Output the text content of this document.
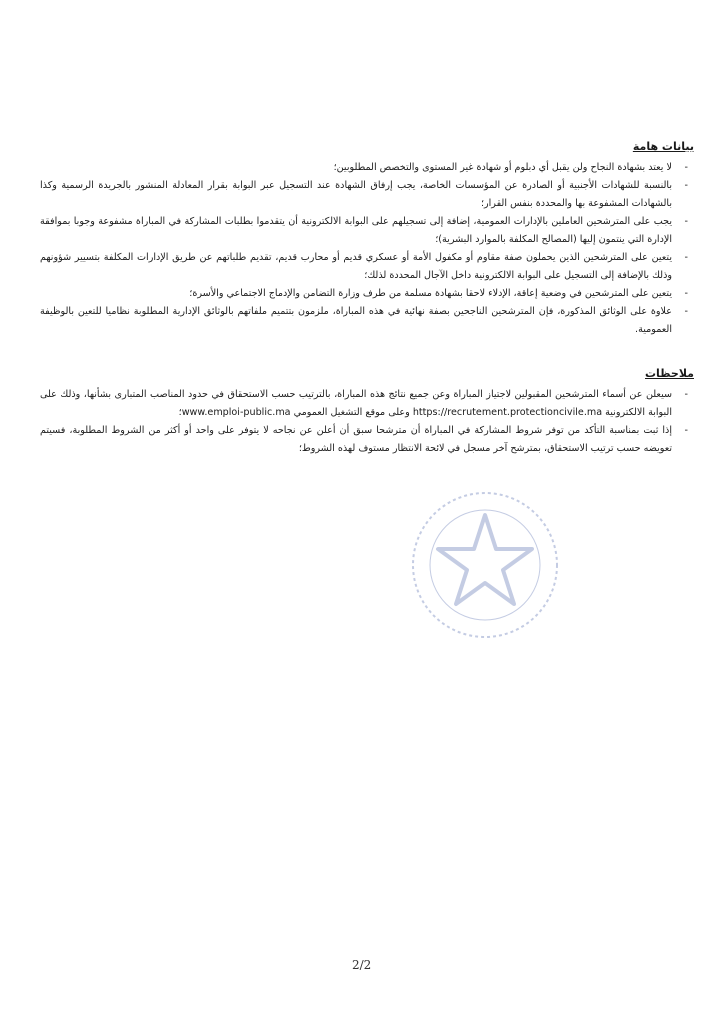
بيانات هامة
- لا يعتد بشهادة النجاح ولن يقبل أي دبلوم أو شهادة غير المستوى والتخصص المطلوبين؛
- بالنسبة للشهادات الأجنبية أو الصادرة عن المؤسسات الخاصة، يجب إرفاق الشهادة عند التسجيل عبر البوابة بقرار المعادلة المنشور بالجريدة الرسمية وكذا بالشهادات المشفوعة بها والمحددة بنفس القرار؛
- يجب على المترشحين العاملين بالإدارات العمومية، إضافة إلى تسجيلهم على البوابة الالكترونية أن يتقدموا بطلبات المشاركة في المباراة مشفوعة وجوبا بموافقة الإدارة التي ينتمون إليها (المصالح المكلفة بالموارد البشرية)؛
- يتعين على المترشحين الذين يحملون صفة مقاوم أو مكفول الأمة أو عسكري قديم أو محارب قديم، تقديم طلباتهم عن طريق الإدارات المكلفة بتسيير شؤونهم وذلك بالإضافة إلى التسجيل على البوابة الالكترونية داخل الآجال المحددة لذلك؛
- يتعين على المترشحين في وضعية إعاقة، الإدلاء لاحقا بشهادة مسلمة من طرف وزارة التضامن والإدماج الاجتماعي والأسرة؛
- علاوة على الوثائق المذكورة، فإن المترشحين الناجحين بصفة نهائية في هذه المباراة، ملزمون بتتميم ملفاتهم بالوثائق الإدارية المطلوبة نظاميا للتعين بالوظيفة العمومية.
ملاحظات
- سيعلن عن أسماء المترشحين المقبولين لاجتياز المباراة وعن جميع نتائج هذه المباراة، بالترتيب حسب الاستحقاق في حدود المناصب المتبارى بشأنها، وذلك على البوابة الالكترونية https://recrutement.protectioncivile.ma وعلى موقع التشغيل العمومي www.emploi-public.ma؛
- إذا ثبت بمناسبة التأكد من توفر شروط المشاركة في المباراة أن مترشحا سبق أن أعلن عن نجاحه لا يتوفر على واحد أو أكثر من الشروط المطلوبة، فسيتم تعويضه حسب ترتيب الاستحقاق، بمترشح آخر مسجل في لائحة الانتظار مستوف لهذه الشروط؛
2/2
